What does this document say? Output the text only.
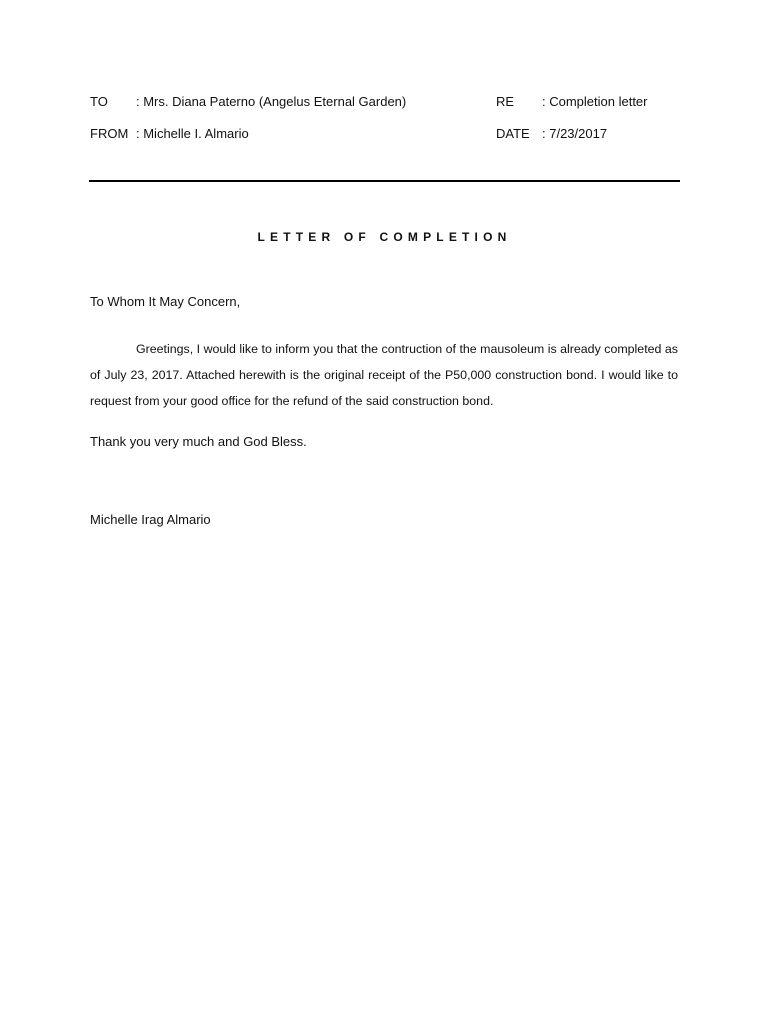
TO	: Mrs. Diana Paterno (Angelus Eternal Garden)	RE	: Completion letter
FROM : Michelle I. Almario	DATE : 7/23/2017
LETTER OF COMPLETION
To Whom It May Concern,

Greetings, I would like to inform you that the contruction of the mausoleum is already completed as of July 23, 2017. Attached herewith is the original receipt of the P50,000 construction bond. I would like to request from your good office for the refund of the said construction bond.

Thank you very much and God Bless.
Michelle Irag Almario
